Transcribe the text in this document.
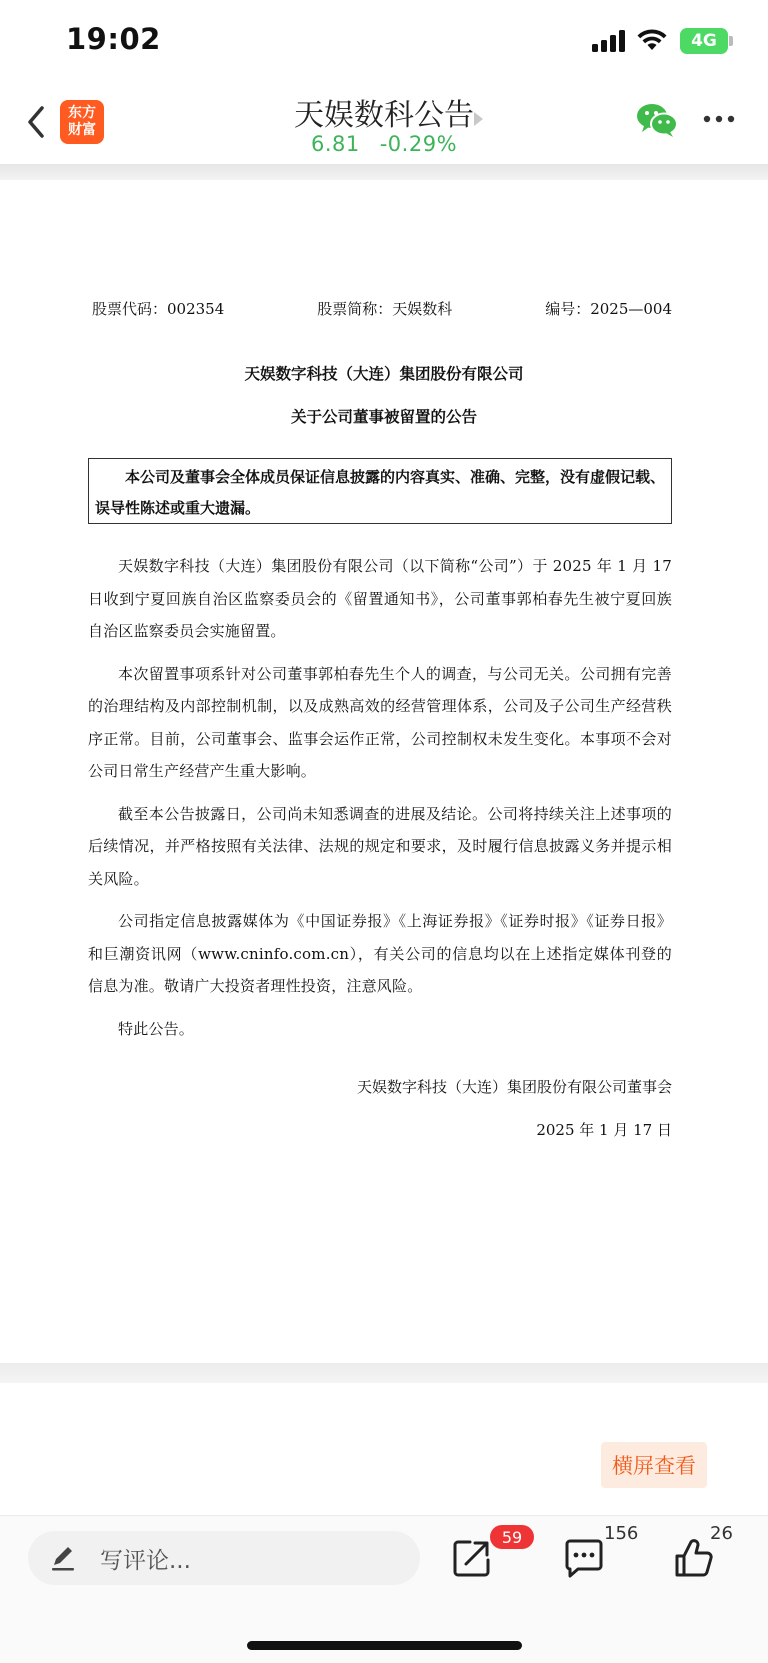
19:02	4G
东方
财富	天娱数科公告
6.81 -0.29%
股票代码：002354	股票简称：天娱数科	编号：2025—004
天娱数字科技（大连）集团股份有限公司
关于公司董事被留置的公告
本公司及董事会全体成员保证信息披露的内容真实、准确、完整，没有虚假记载、误导性陈述或重大遗漏。

天娱数字科技（大连）集团股份有限公司（以下简称“公司”）于 2025 年 1 月 17 日收到宁夏回族自治区监察委员会的《留置通知书》，公司董事郭柏春先生被宁夏回族自治区监察委员会实施留置。

本次留置事项系针对公司董事郭柏春先生个人的调查，与公司无关。公司拥有完善的治理结构及内部控制机制，以及成熟高效的经营管理体系，公司及子公司生产经营秩序正常。目前，公司董事会、监事会运作正常，公司控制权未发生变化。本事项不会对公司日常生产经营产生重大影响。

截至本公告披露日，公司尚未知悉调查的进展及结论。公司将持续关注上述事项的后续情况，并严格按照有关法律、法规的规定和要求，及时履行信息披露义务并提示相关风险。

公司指定信息披露媒体为《中国证券报》《上海证券报》《证券时报》《证券日报》和巨潮资讯网（www.cninfo.com.cn），有关公司的信息均以在上述指定媒体刊登的信息为准。敬请广大投资者理性投资，注意风险。

特此公告。

天娱数字科技（大连）集团股份有限公司董事会
2025 年 1 月 17 日
横屏查看
写评论...
59	156	26
